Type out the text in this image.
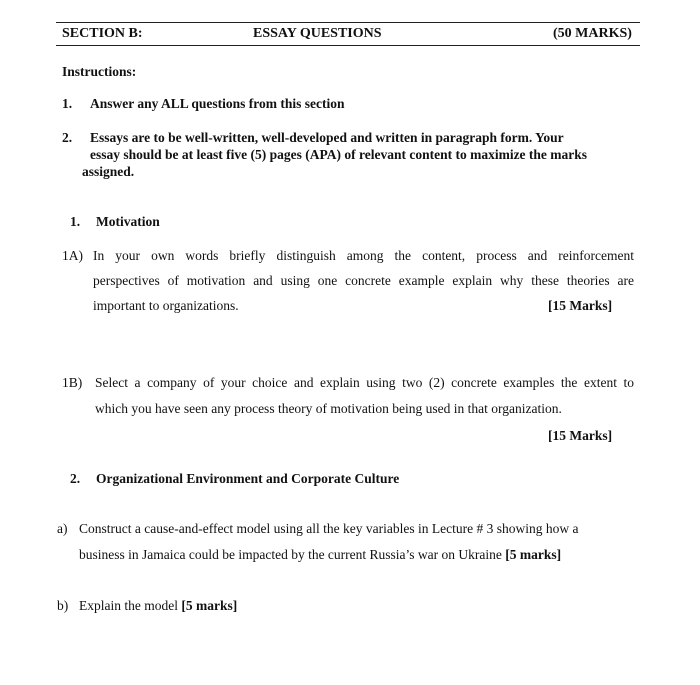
SECTION B:	ESSAY QUESTIONS	(50 MARKS)
Instructions:
1. Answer any ALL questions from this section
2. Essays are to be well-written, well-developed and written in paragraph form. Your
essay should be at least five (5) pages (APA) of relevant content to maximize the marks
assigned.
1. Motivation
1A) In your own words briefly distinguish among the content, process and reinforcement
perspectives of motivation and using one concrete example explain why these theories are
important to organizations.	[15 Marks]
1B) Select a company of your choice and explain using two (2) concrete examples the extent to
which you have seen any process theory of motivation being used in that organization.
[15 Marks]
2. Organizational Environment and Corporate Culture
a) Construct a cause-and-effect model using all the key variables in Lecture # 3 showing how a
business in Jamaica could be impacted by the current Russia’s war on Ukraine [5 marks]
b) Explain the model [5 marks]
